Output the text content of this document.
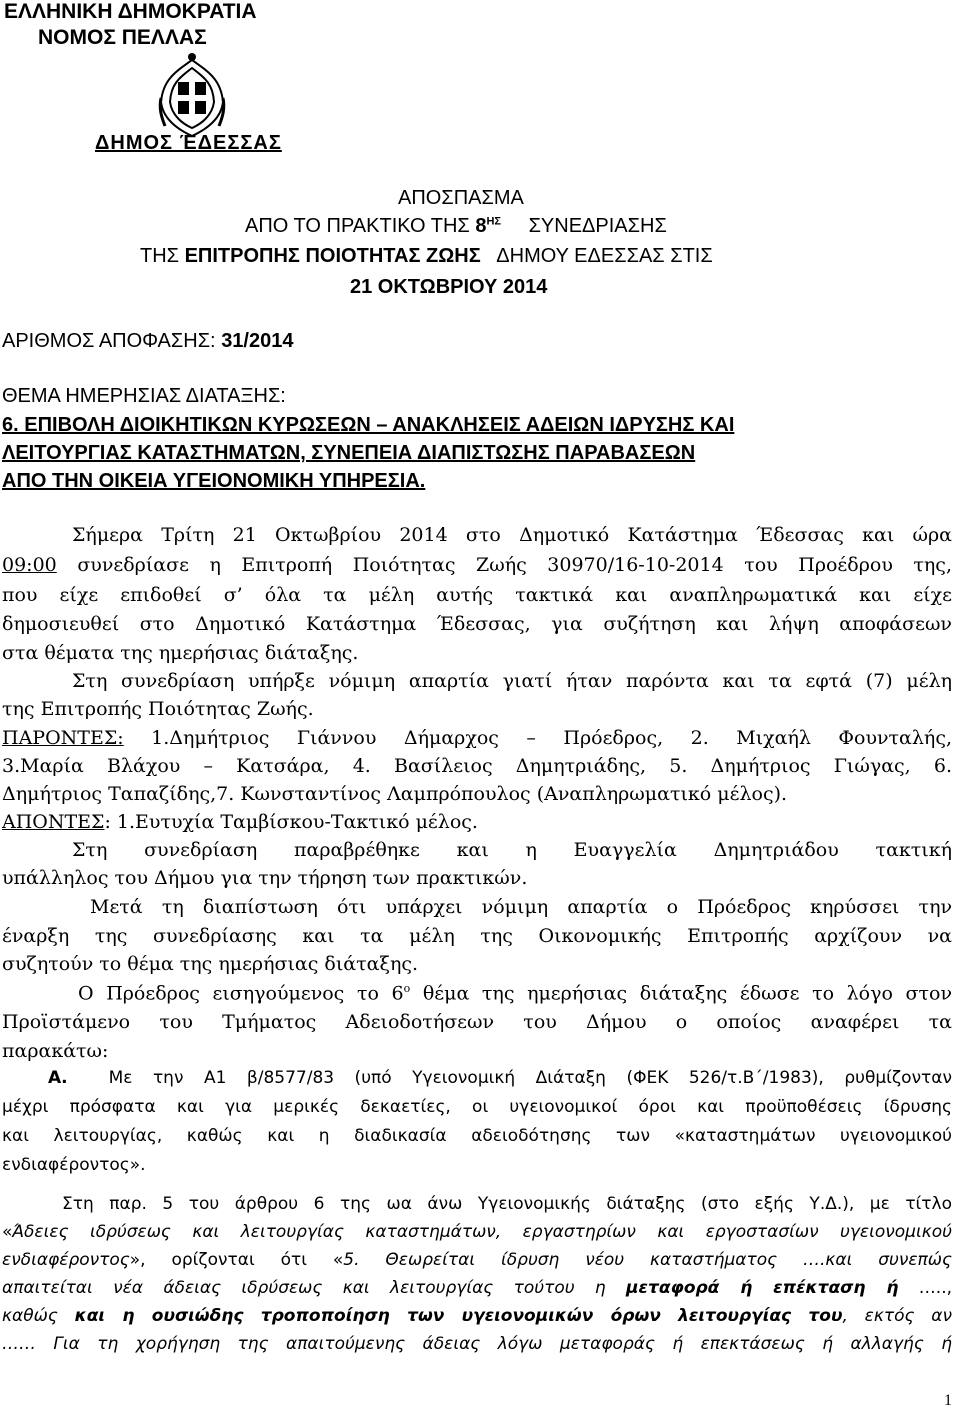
ΕΛΛΗΝΙΚΗ ΔΗΜΟΚΡΑΤΙΑ
ΝΟΜΟΣ ΠΕΛΛΑΣ
ΔΗΜΟΣ ΈΔΕΣΣΑΣ
ΑΠΟΣΠΑΣΜΑ
ΑΠΟ ΤΟ ΠΡΑΚΤΙΚΟ ΤΗΣ $8^{H\Sigma}$ ΣΥΝΕΔΡΙΑΣΗΣ
ΤΗΣ ΕΠΙΤΡΟΠΗΣ ΠΟΙΟΤΗΤΑΣ ΖΩΗΣ ΔΗΜΟΥ ΕΔΕΣΣΑΣ ΣΤΙΣ
21 ΟΚΤΩΒΡΙΟΥ 2014
ΑΡΙΘΜΟΣ ΑΠΟΦΑΣΗΣ: 31/2014
ΘΕΜΑ ΗΜΕΡΗΣΙΑΣ ΔΙΑΤΑΞΗΣ:
6. ΕΠΙΒΟΛΗ ΔΙΟΙΚΗΤΙΚΩΝ ΚΥΡΩΣΕΩΝ – ΑΝΑΚΛΗΣΕΙΣ ΑΔΕΙΩΝ ΙΔΡΥΣΗΣ ΚΑΙ
ΛΕΙΤΟΥΡΓΙΑΣ ΚΑΤΑΣΤΗΜΑΤΩΝ, ΣΥΝΕΠΕΙΑ ΔΙΑΠΙΣΤΩΣΗΣ ΠΑΡΑΒΑΣΕΩΝ
ΑΠΟ ΤΗΝ ΟΙΚΕΙΑ ΥΓΕΙΟΝΟΜΙΚΗ ΥΠΗΡΕΣΙΑ.
Σήμερα Τρίτη 21 Οκτωβρίου 2014 στο Δημοτικό Κατάστημα Έδεσσας και ώρα
09:00 συνεδρίασε η Επιτροπή Ποιότητας Ζωής 30970/16-10-2014 του Προέδρου της,
που είχε επιδοθεί σ’ όλα τα μέλη αυτής τακτικά και αναπληρωματικά και είχε
δημοσιευθεί στο Δημοτικό Κατάστημα Έδεσσας, για συζήτηση και λήψη αποφάσεων
στα θέματα της ημερήσιας διάταξης.
Στη συνεδρίαση υπήρξε νόμιμη απαρτία γιατί ήταν παρόντα και τα εφτά (7) μέλη
της Επιτροπής Ποιότητας Ζωής.
ΠΑΡΟΝΤΕΣ: 1.Δημήτριος Γιάννου Δήμαρχος – Πρόεδρος, 2. Μιχαήλ Φουνταλής,
3.Μαρία Βλάχου – Κατσάρα, 4. Βασίλειος Δημητριάδης, 5. Δημήτριος Γιώγας, 6.
Δημήτριος Ταπαζίδης,7. Κωνσταντίνος Λαμπρόπουλος (Αναπληρωματικό μέλος).
ΑΠΟΝΤΕΣ: 1.Ευτυχία Ταμβίσκου-Τακτικό μέλος.
Στη συνεδρίαση παραβρέθηκε και η Ευαγγελία Δημητριάδου τακτική
υπάλληλος του Δήμου για την τήρηση των πρακτικών.
Μετά τη διαπίστωση ότι υπάρχει νόμιμη απαρτία ο Πρόεδρος κηρύσσει την
έναρξη της συνεδρίασης και τα μέλη της Οικονομικής Επιτροπής αρχίζουν να
συζητούν το θέμα της ημερήσιας διάταξης.
Ο Πρόεδρος εισηγούμενος το $6^o$ θέμα της ημερήσιας διάταξης έδωσε το λόγο στον
Προϊστάμενο του Τμήματος Αδειοδοτήσεων του Δήμου ο οποίος αναφέρει τα
παρακάτω:
Α. Με την Α1 β/8577/83 (υπό Υγειονομική Διάταξη (ΦΕΚ 526/τ.Β΄/1983), ρυθμίζονταν
μέχρι πρόσφατα και για μερικές δεκαετίες, οι υγειονομικοί όροι και προϋποθέσεις ίδρυσης
και λειτουργίας, καθώς και η διαδικασία αδειοδότησης των «καταστημάτων υγειονομικού
ενδιαφέροντος».
Στη παρ. 5 του άρθρου 6 της ωα άνω Υγειονομικής διάταξης (στο εξής Υ.Δ.), με τίτλο
«Άδειες ιδρύσεως και λειτουργίας καταστημάτων, εργαστηρίων και εργοστασίων υγειονομικού
ενδιαφέροντος», ορίζονται ότι «5. Θεωρείται ίδρυση νέου καταστήματος ….και συνεπώς
απαιτείται νέα άδειας ιδρύσεως και λειτουργίας τούτου η μεταφορά ή επέκταση ή …..,
καθώς και η ουσιώδης τροποποίηση των υγειονομικών όρων λειτουργίας του, εκτός αν
…… Για τη χορήγηση της απαιτούμενης άδειας λόγω μεταφοράς ή επεκτάσεως ή αλλαγής ή
1
